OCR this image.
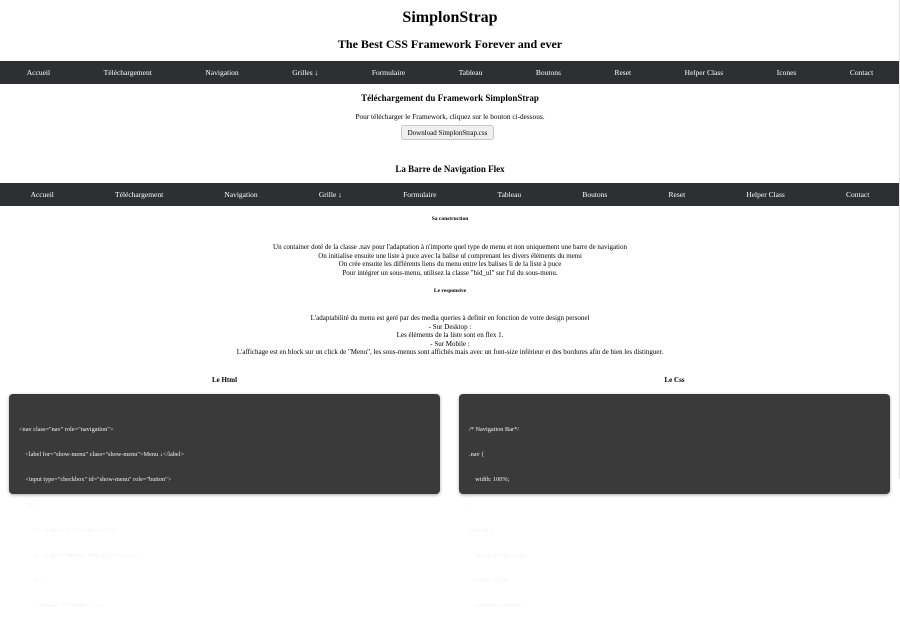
SimplonStrap
The Best CSS Framework Forever and ever
Accueil	Téléchargement	Navigation	Grilles ↓	Formulaire	Tableau	Boutons	Reset	Helper Class	Icones	Contact
Téléchargement du Framework SimplonStrap

Pour télécharger le Framework, cliquez sur le bouton ci-dessous.

Download SimplonStrap.css
La Barre de Navigation Flex
Accueil	Téléchargement	Navigation	Grille ↓	Formulaire	Tableau	Boutons	Reset	Helper Class	Contact
Sa construction
Un container doté de la classe .nav pour l'adaptation à n'importe quel type de menu et non uniquement une barre de navigation
On initialise ensuite une liste à puce avec la balise ul comprenant les divers éléments du menu
On crée ensuite les différents liens du menu entre les balises li de la liste à puce
Pour intégrer un sous-menu, utilisez la classe "hid_ul" sur l'ul du sous-menu.
Le responsive
L'adaptabilité du menu est geré par des media queries à definir en fonction de votre design personel
- Sur Desktop :
Les éléments de la liste sont en flex 1.
- Sur Mobile :
L'affichage est en block sur un click de "Menu", les sous-menus sont affichés mais avec un font-size inférieur et des bordures afin de bien les distinguer.
Le Html	Le Css

<nav class="nav" role="navigation">

<label for="show-menu" class="show-menu">Menu ↓</label>

<input type="checkbox" id="show-menu" role="button">

<ul>

<li><a href="#">Accueil</a></li>

<li><a href="#menu">Navigation</a></li>

<li>

<a href="#">Grilles ↓</a>

/* Navigation Bar*/

.nav {

width: 100%;

}

.nav>ul {

list-style-type: none;

width: 100%;

position: absolute;
